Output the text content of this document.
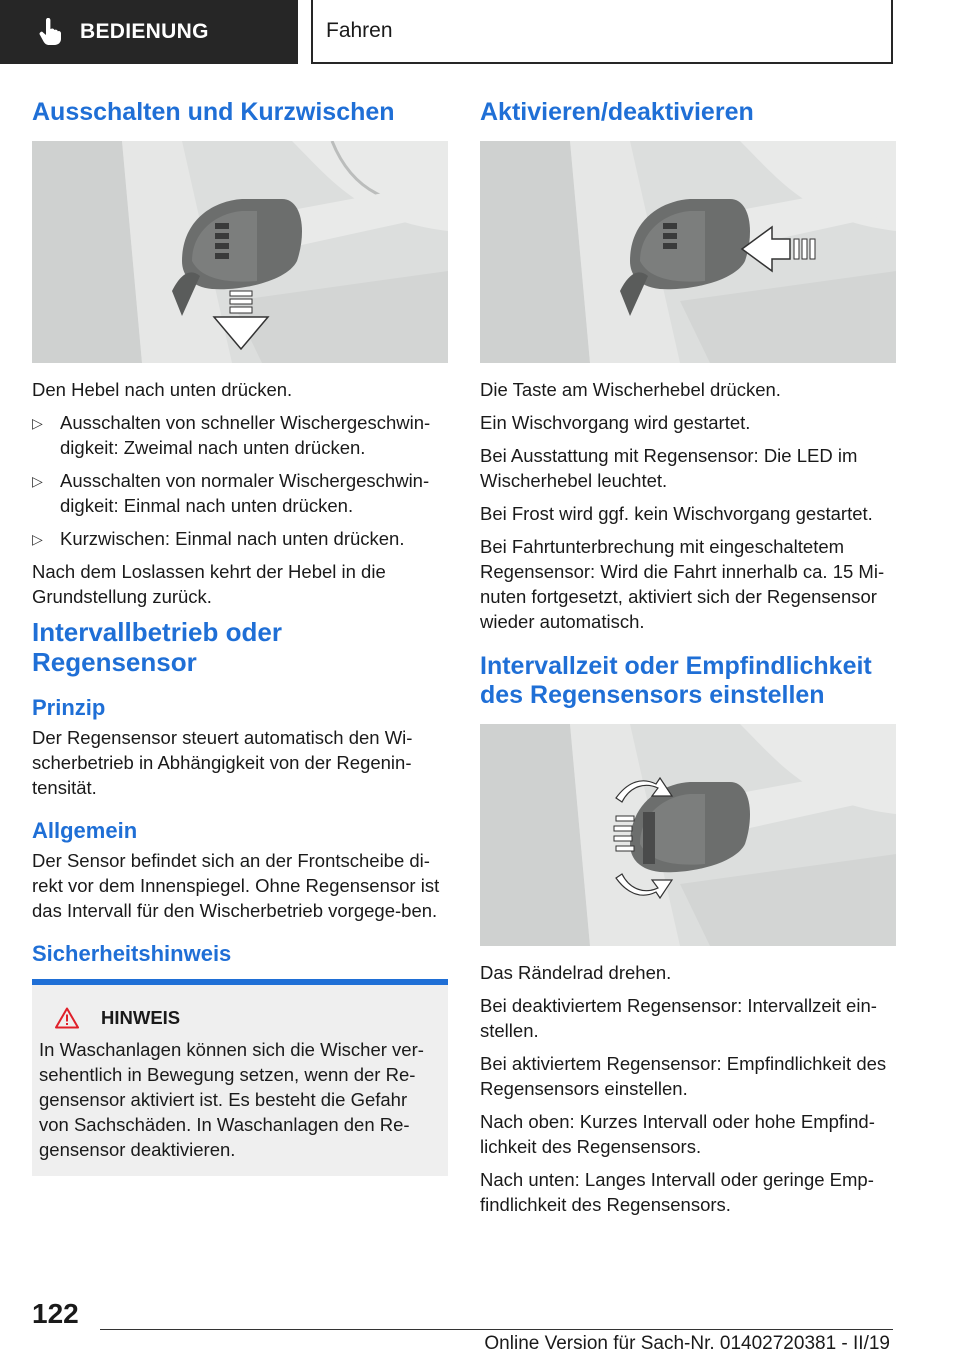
BEDIENUNG	Fahren
Ausschalten und Kurzwischen

Den Hebel nach unten drücken.

▷ Ausschalten von schneller Wischergeschwin‐digkeit: Zweimal nach unten drücken.
▷ Ausschalten von normaler Wischergeschwin‐digkeit: Einmal nach unten drücken.
▷ Kurzwischen: Einmal nach unten drücken.

Nach dem Loslassen kehrt der Hebel in die Grundstellung zurück.

Intervallbetrieb oder Regensensor
Prinzip

Der Regensensor steuert automatisch den Wi‐scherbetrieb in Abhängigkeit von der Regenin‐tensität.

Allgemein

Der Sensor befindet sich an der Frontscheibe di‐rekt vor dem Innenspiegel. Ohne Regensensor ist das Intervall für den Wischerbetrieb vorgege‐ben.

Sicherheitshinweis
HINWEIS

In Waschanlagen können sich die Wischer ver‐sehentlich in Bewegung setzen, wenn der Re‐gensensor aktiviert ist. Es besteht die Gefahr von Sachschäden. In Waschanlagen den Re‐gensensor deaktivieren.

Aktivieren/deaktivieren

Die Taste am Wischerhebel drücken.

Ein Wischvorgang wird gestartet.

Bei Ausstattung mit Regensensor: Die LED im Wischerhebel leuchtet.

Bei Frost wird ggf. kein Wischvorgang gestartet.

Bei Fahrtunterbrechung mit eingeschaltetem Regensensor: Wird die Fahrt innerhalb ca. 15 Mi‐nuten fortgesetzt, aktiviert sich der Regensensor wieder automatisch.

Intervallzeit oder Empfindlichkeit des Regensensors einstellen

Das Rändelrad drehen.

Bei deaktiviertem Regensensor: Intervallzeit ein‐stellen.

Bei aktiviertem Regensensor: Empfindlichkeit des Regensensors einstellen.

Nach oben: Kurzes Intervall oder hohe Empfind‐lichkeit des Regensensors.

Nach unten: Langes Intervall oder geringe Emp‐findlichkeit des Regensensors.

122
Online Version für Sach-Nr. 01402720381 - II/19
